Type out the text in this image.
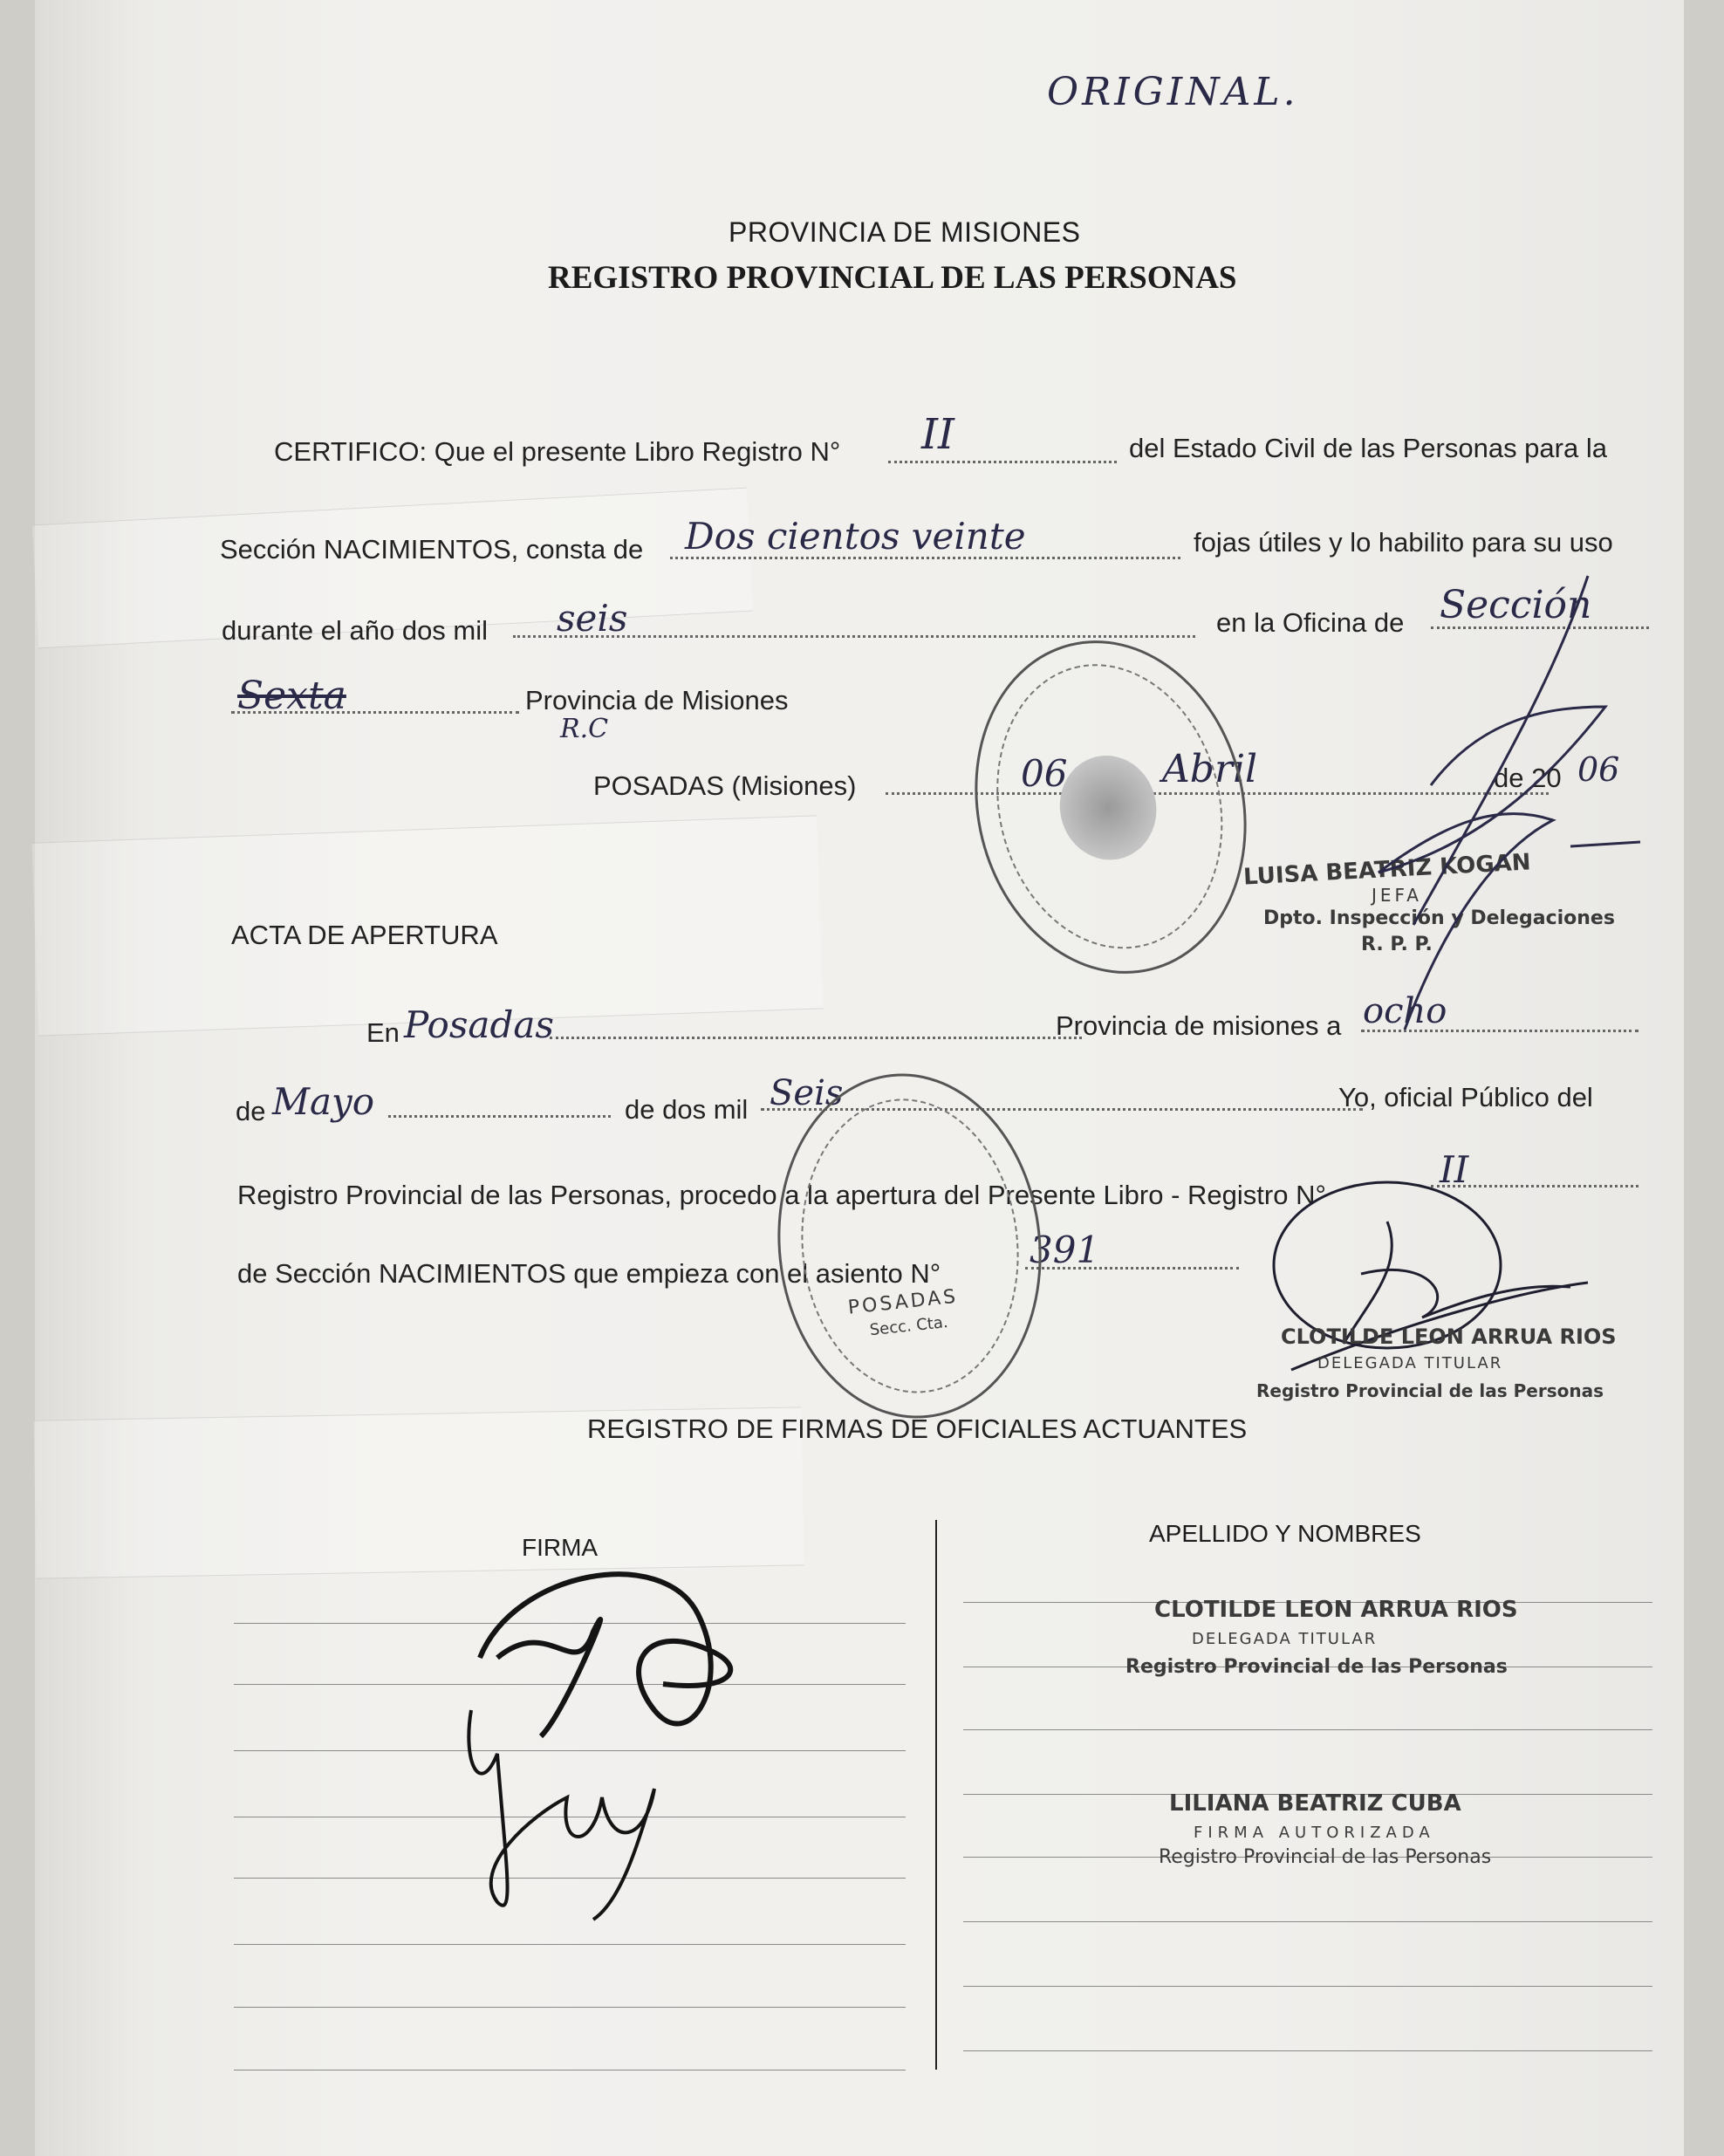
ORIGINAL.
PROVINCIA DE MISIONES
REGISTRO PROVINCIAL DE LAS PERSONAS
CERTIFICO: Que el presente Libro Registro N° II	del Estado Civil de las Personas para la
Sección NACIMIENTOS, consta de Dos cientos veinte	fojas útiles y lo habilito para su uso
durante el año dos mil seis	en la Oficina de Sección
Sexta	Provincia de Misiones
R.C
POSADAS (Misiones)	06 Abril	de 20 06
LUISA BEATRIZ KOGAN
JEFA
Dpto. Inspección y Delegaciones
R. P. P.
ACTA DE APERTURA
En Posadas	Provincia de misiones a ocho
de Mayo	de dos mil Seis	Yo, oficial Público del
Registro Provincial de las Personas, procedo a la apertura del Presente Libro - Registro N°
II
de Sección NACIMIENTOS que empieza con el asiento N°
391
POSADAS
Secc. Cta.	CLOTILDE LEON ARRUA RIOS
DELEGADA TITULAR
Registro Provincial de las Personas
REGISTRO DE FIRMAS DE OFICIALES ACTUANTES
FIRMA
APELLIDO Y NOMBRES
CLOTILDE LEON ARRUA RIOS
DELEGADA TITULAR
Registro Provincial de las Personas
LILIANA BEATRIZ CUBA
FIRMA AUTORIZADA
Registro Provincial de las Personas
